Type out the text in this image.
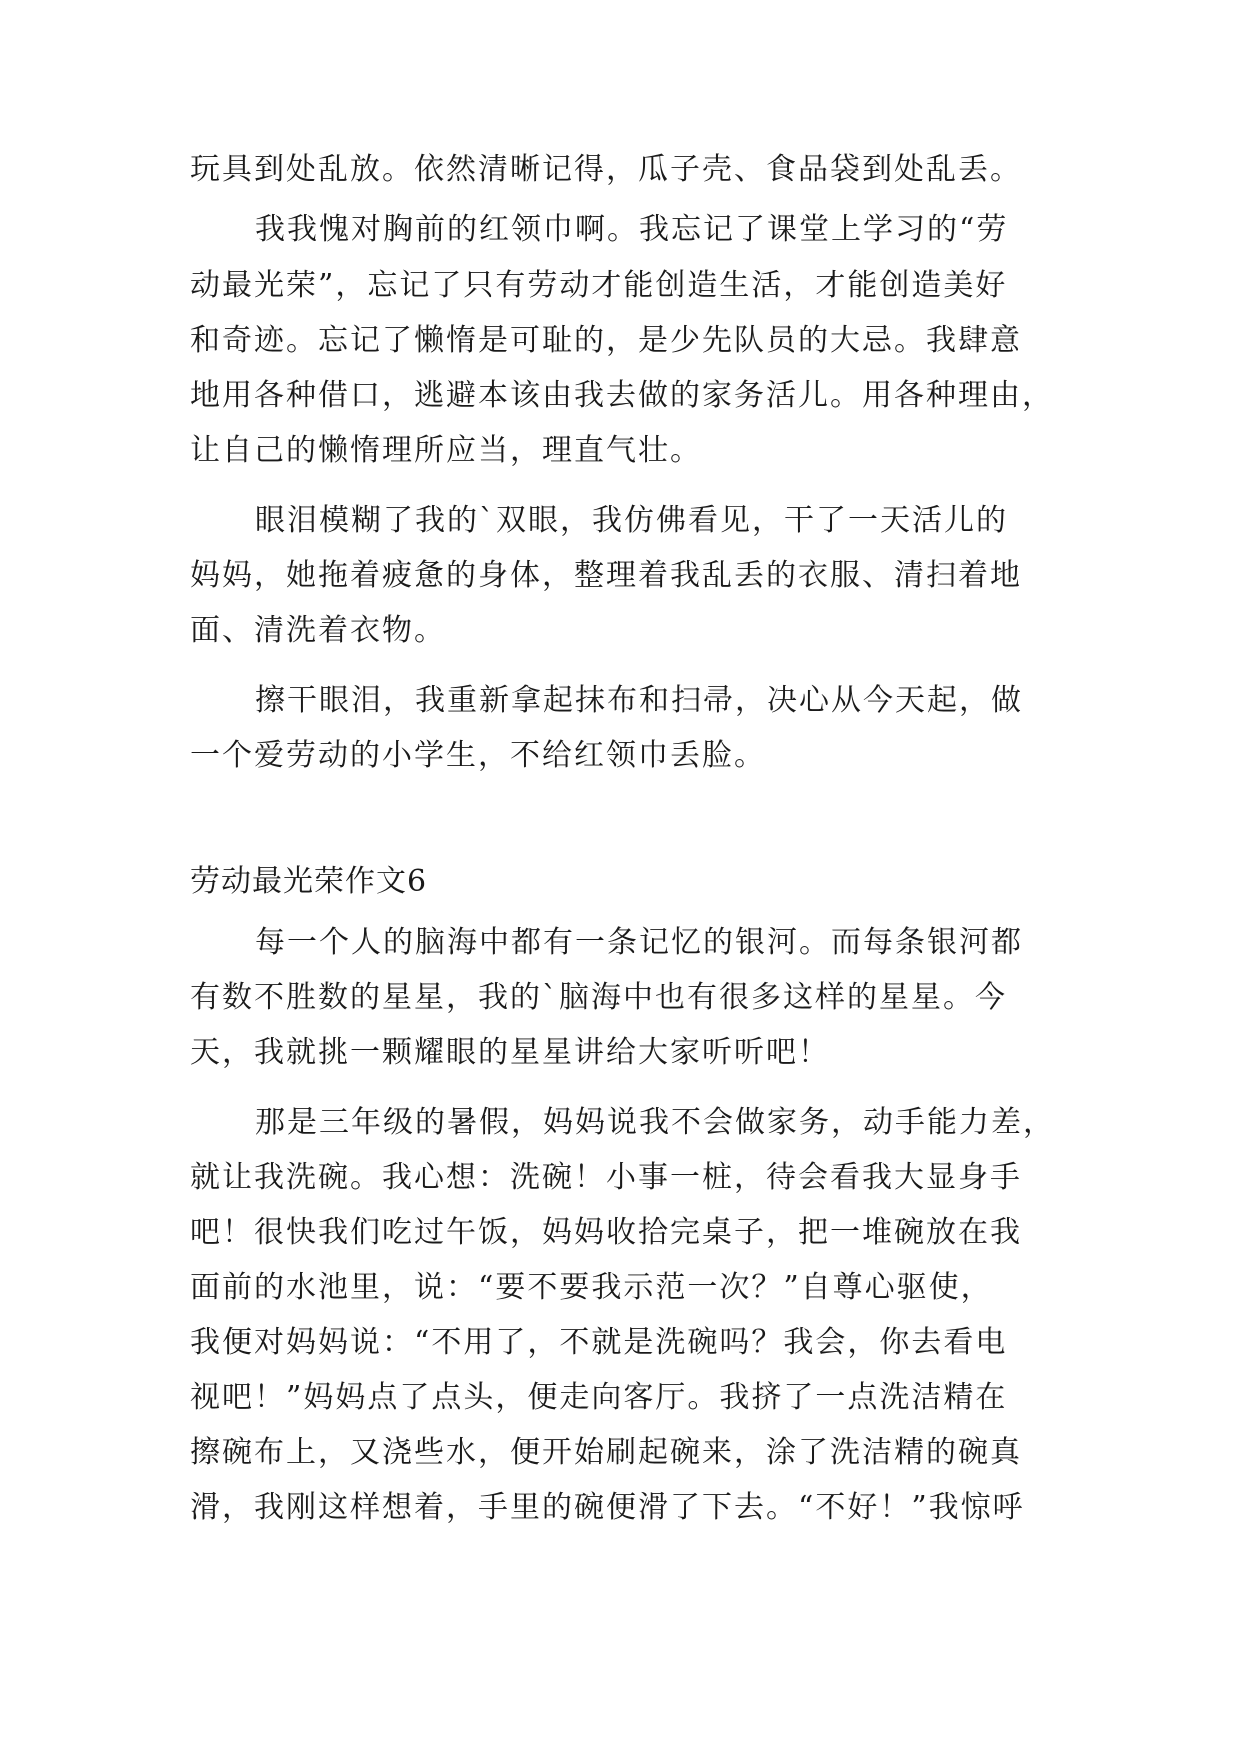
玩具到处乱放。依然清晰记得，瓜子壳、食品袋到处乱丢。
我我愧对胸前的红领巾啊。我忘记了课堂上学习的“劳
动最光荣”，忘记了只有劳动才能创造生活，才能创造美好
和奇迹。忘记了懒惰是可耻的，是少先队员的大忌。我肆意
地用各种借口，逃避本该由我去做的家务活儿。用各种理由，
让自己的懒惰理所应当，理直气壮。
眼泪模糊了我的`双眼，我仿佛看见，干了一天活儿的
妈妈，她拖着疲惫的身体，整理着我乱丢的衣服、清扫着地
面、清洗着衣物。
擦干眼泪，我重新拿起抹布和扫帚，决心从今天起，做
一个爱劳动的小学生，不给红领巾丢脸。
劳动最光荣作文6
每一个人的脑海中都有一条记忆的银河。而每条银河都
有数不胜数的星星，我的`脑海中也有很多这样的星星。今
天，我就挑一颗耀眼的星星讲给大家听听吧！
那是三年级的暑假，妈妈说我不会做家务，动手能力差，
就让我洗碗。我心想：洗碗！小事一桩，待会看我大显身手
吧！很快我们吃过午饭，妈妈收拾完桌子，把一堆碗放在我
面前的水池里，说：“要不要我示范一次？”自尊心驱使，
我便对妈妈说：“不用了，不就是洗碗吗？我会，你去看电
视吧！”妈妈点了点头，便走向客厅。我挤了一点洗洁精在
擦碗布上，又浇些水，便开始刷起碗来，涂了洗洁精的碗真
滑，我刚这样想着，手里的碗便滑了下去。“不好！”我惊呼
